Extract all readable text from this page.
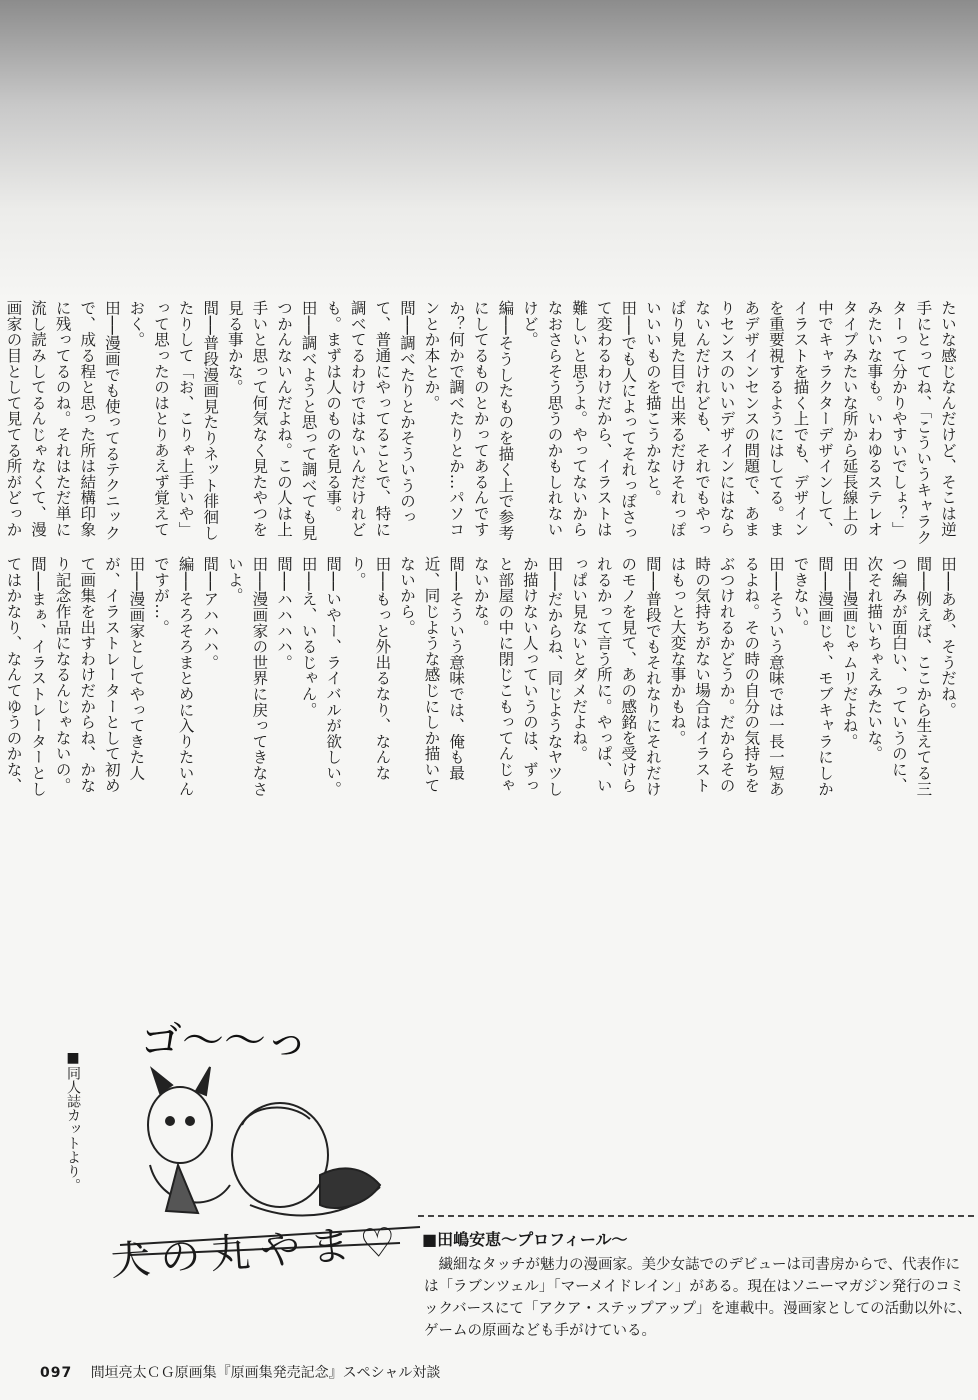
たいな感じなんだけど、そこは逆手にとってね、「こういうキャラクターって分かりやすいでしょ？」みたいな事も。いわゆるステレオタイプみたいな所から延長線上の中でキャラクターデザインして、イラストを描く上でも、デザインを重要視するようにはしてる。まあデザインセンスの問題で、あまりセンスのいいデザインにはならないんだけれども、それでもやっぱり見た目で出来るだけそれっぽいいいものを描こうかなと。

田──でも人によってそれっぽさって変わるわけだから、イラストは難しいと思うよ。やってないからなおさらそう思うのかもしれないけど。

編──そうしたものを描く上で参考にしてるものとかってあるんですか？何かで調べたりとか…パソコンとか本とか。

間──調べたりとかそういうのって、普通にやってることで、特に調べてるわけではないんだけれども。まずは人のものを見る事。

田──調べようと思って調べても見つかんないんだよね。この人は上手いと思って何気なく見たやつを見る事かな。

間──普段漫画見たりネット徘徊したりして「お、こりゃ上手いや」って思ったのはとりあえず覚えておく。

田──漫画でも使ってるテクニックで、成る程と思った所は結構印象に残ってるのね。それはただ単に流し読みしてるんじゃなくて、漫画家の目として見てる所がどっか

田──ああ、そうだね。

間──例えば、ここから生えてる三つ編みが面白い、っていうのに、次それ描いちゃえみたいな。

田──漫画じゃムリだよね。

間──漫画じゃ、モブキャラにしかできない。

田──そういう意味では一長一短あるよね。その時の自分の気持ちをぶつけれるかどうか。だからその時の気持ちがない場合はイラストはもっと大変な事かもね。

間──普段でもそれなりにそれだけのモノを見て、あの感銘を受けられるかって言う所に。やっぱ、いっぱい見ないとダメだよね。

田──だからね、同じようなヤツしか描けない人っていうのは、ずっと部屋の中に閉じこもってんじゃないかな。

間──そういう意味では、俺も最近、同じような感じにしか描いてないから。

田──もっと外出るなり、なんなり。

間──いやー、ライバルが欲しい。

田──え、いるじゃん。

間──ハハハハ。

田──漫画家の世界に戻ってきなさいよ。

間──アハハハ。

編──そろそろまとめに入りたいんですが…。

田──漫画家としてやってきた人が、イラストレーターとして初めて画集を出すわけだからね、かなり記念作品になるんじゃないの。

間──まぁ、イラストレーターとしてはかなり、なんてゆうのかな、

■同人誌カットより。
ゴ〜〜っ
犬の丸やま♡ ■田嶋安恵〜プロフィール〜
繊細なタッチが魅力の漫画家。美少女誌でのデビューは司書房からで、代表作には「ラブンツェル」「マーメイドレイン」がある。現在はソニーマガジン発行のコミックバースにて「アクア・ステップアップ」を連載中。漫画家としての活動以外に、ゲームの原画なども手がけている。
097 間垣亮太ＣＧ原画集『原画集発売記念』スペシャル対談
